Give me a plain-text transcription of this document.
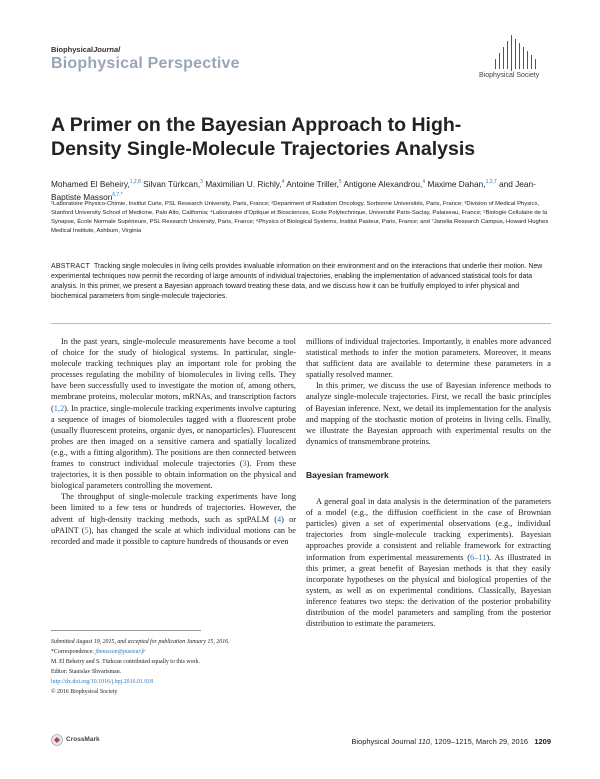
BiophysicalJournal
Biophysical Perspective
Biophysical Society
A Primer on the Bayesian Approach to High-Density Single-Molecule Trajectories Analysis
Mohamed El Beheiry,$^{1,2,8}$ Silvan Türkcan,$^3$ Maximilian U. Richly,$^4$ Antoine Triller,$^5$ Antigone Alexandrou,$^4$ Maxime Dahan,$^{1,2,7}$ and Jean-Baptiste Masson$^{6,7,*}$
¹Laboratoire Physico-Chimie, Institut Curie, PSL Research University, Paris, France; ²Department of Radiation Oncology, Sorbonne Universités, Paris, France; ³Division of Medical Physics, Stanford University School of Medicine, Palo Alto, California; ⁴Laboratoire d'Optique et Biosciences, Ecole Polytechnique, Université Paris-Saclay, Palaiseau, France; ⁵Biologie Cellulaire de la Synapse, École Normale Supérieure, PSL Research University, Paris, France; ⁶Physics of Biological Systems, Institut Pasteur, Paris, France; and ⁷Janelia Research Campus, Howard Hughes Medical Institute, Ashburn, Virginia
ABSTRACT Tracking single molecules in living cells provides invaluable information on their environment and on the interactions that underlie their motion. New experimental techniques now permit the recording of large amounts of individual trajectories, enabling the implementation of advanced statistical tools for data analysis. In this primer, we present a Bayesian approach toward treating these data, and we discuss how it can be fruitfully employed to infer physical and biochemical parameters from single-molecule trajectories.

In the past years, single-molecule measurements have become a tool of choice for the study of biological systems. In particular, single-molecule tracking techniques play an important role for probing the processes regulating the mobility of biomolecules in living cells. They have been successfully used to investigate the motion of, among others, membrane proteins, molecular motors, mRNAs, and transcription factors (1,2). In practice, single-molecule tracking experiments involve capturing a sequence of images of biomolecules tagged with a fluorescent probe (usually fluorescent proteins, organic dyes, or nanoparticles). Fluorescent probes are then imaged on a sensitive camera and spatially localized (e.g., with a fitting algorithm). The positions are then connected between frames to construct individual molecule trajectories (3). From these trajectories, it is then possible to obtain information on the physical and biological parameters controlling the movement.

The throughput of single-molecule tracking experiments have long been limited to a few tens or hundreds of trajectories. However, the advent of high-density tracking methods, such as sptPALM (4) or uPAINT (5), has changed the scale at which individual motions can be recorded and made it possible to capture hundreds of thousands or even

millions of individual trajectories. Importantly, it enables more advanced statistical methods to infer the motion parameters. Moreover, it means that sufficient data are available to determine these parameters in a spatially resolved manner.

In this primer, we discuss the use of Bayesian inference methods to analyze single-molecule trajectories. First, we recall the basic principles of Bayesian inference. Next, we detail its implementation for the analysis and mapping of the stochastic motion of proteins in living cells. Finally, we illustrate the Bayesian approach with experimental results on the dynamics of transmembrane proteins.

Bayesian framework

A general goal in data analysis is the determination of the parameters of a model (e.g., the diffusion coefficient in the case of Brownian particles) given a set of experimental observations (e.g., individual trajectories from single-molecule tracking experiments). Bayesian approaches provide a consistent and reliable framework for extracting information from experimental measurements (6–11). As illustrated in this primer, a great benefit of Bayesian methods is that they easily incorporate hypotheses on the physical and biological properties of the system, as well as on experimental conditions. Classically, Bayesian inference features two steps: the derivation of the posterior probability distribution of the model parameters and sampling from the posterior distribution to estimate the parameters.

Submitted August 19, 2015, and accepted for publication January 15, 2016.
*Correspondence: jbmasson@pasteur.fr
M. El Beheiry and S. Türkcan contributed equally to this work.
Editor: Stanislav Shvartsman.
http://dx.doi.org/10.1016/j.bpj.2016.01.018
© 2016 Biophysical Society
CrossMark	Biophysical Journal 110, 1209–1215, March 29, 2016 1209
